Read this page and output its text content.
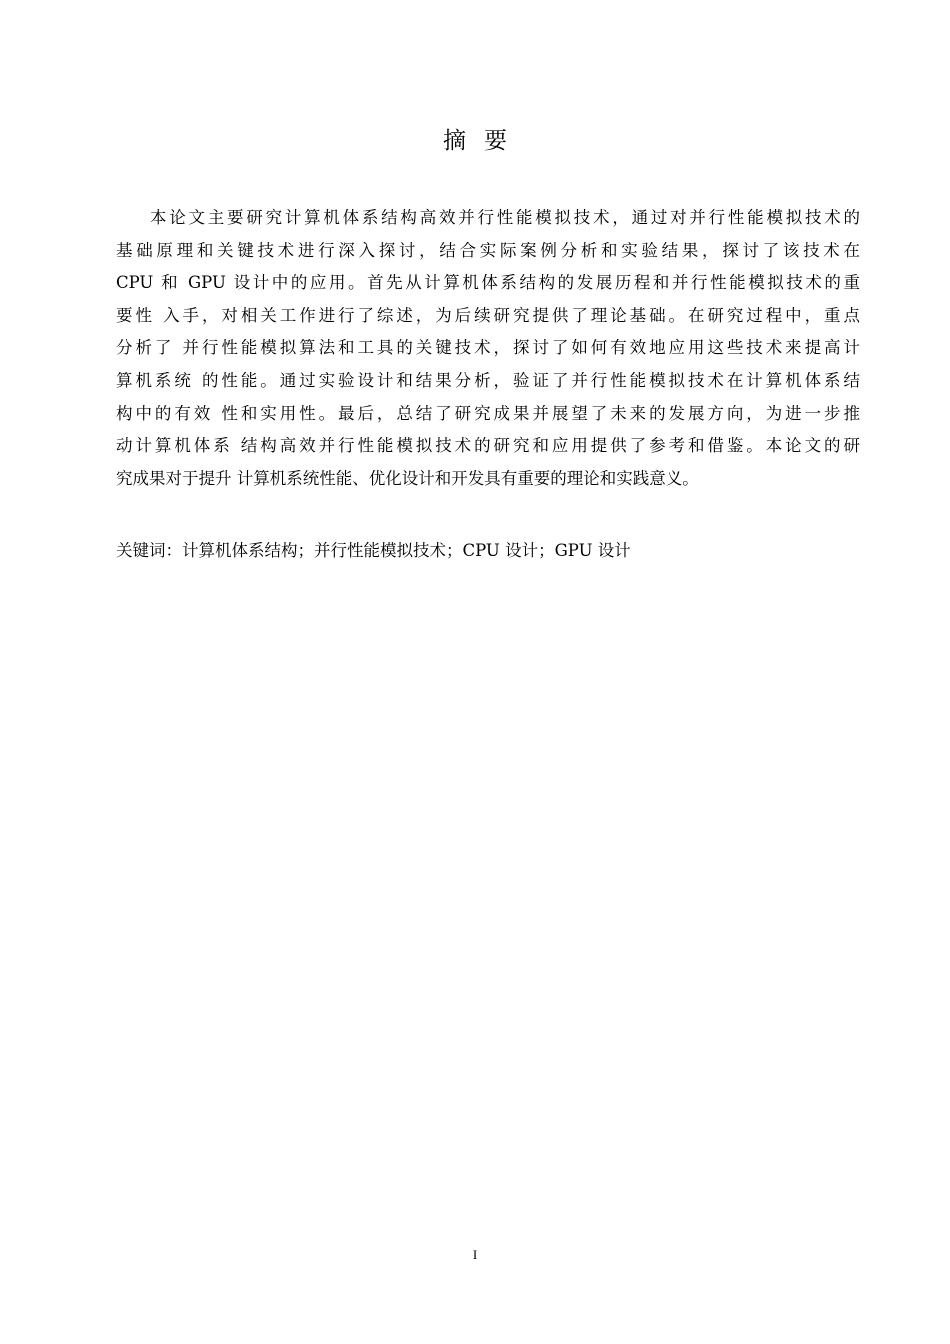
摘 要
本论文主要研究计算机体系结构高效并行性能模拟技术，通过对并行性能模拟技术的
基础原理和关键技术进行深入探讨，结合实际案例分析和实验结果，探讨了该技术在
CPU 和 GPU 设计中的应用。首先从计算机体系结构的发展历程和并行性能模拟技术的重
要性 入手，对相关工作进行了综述，为后续研究提供了理论基础。在研究过程中，重点
分析了 并行性能模拟算法和工具的关键技术，探讨了如何有效地应用这些技术来提高计
算机系统 的性能。通过实验设计和结果分析，验证了并行性能模拟技术在计算机体系结
构中的有效 性和实用性。最后，总结了研究成果并展望了未来的发展方向，为进一步推
动计算机体系 结构高效并行性能模拟技术的研究和应用提供了参考和借鉴。本论文的研
究成果对于提升 计算机系统性能、优化设计和开发具有重要的理论和实践意义。
关键词：计算机体系结构；并行性能模拟技术；CPU 设计；GPU 设计
I
